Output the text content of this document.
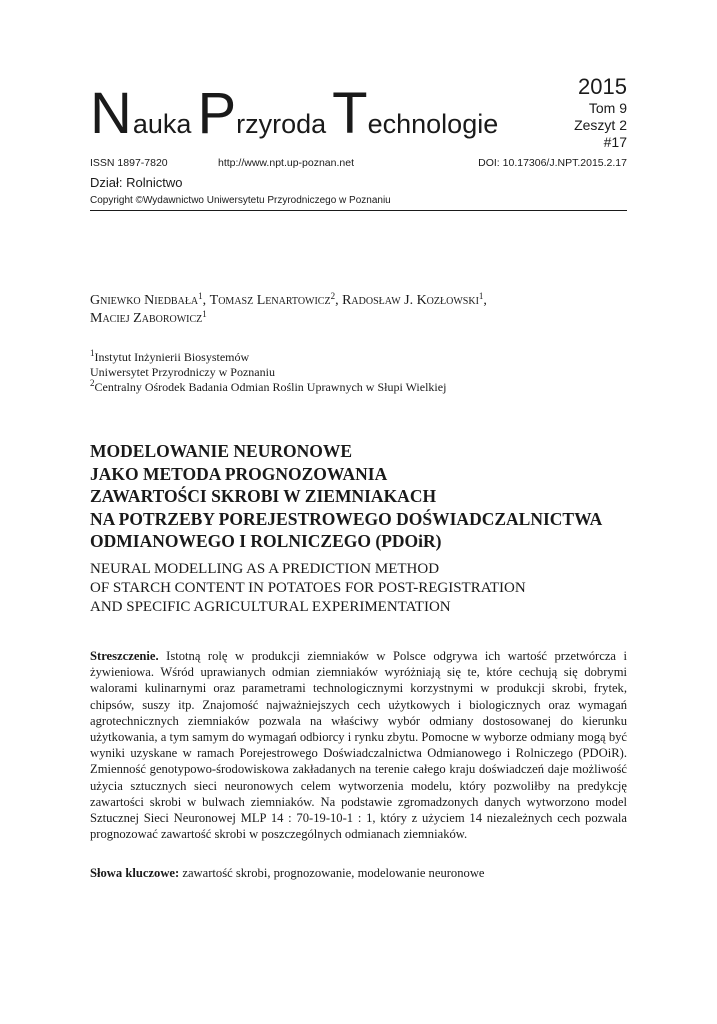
Nauka Przyroda Technologie
2015
Tom 9
Zeszyt 2
#17
ISSN 1897-7820	http://www.npt.up-poznan.net	DOI: 10.17306/J.NPT.2015.2.17
Dział: Rolnictwo
Copyright ©Wydawnictwo Uniwersytetu Przyrodniczego w Poznaniu
Gniewko Niedbała$^1$, Tomasz Lenartowicz$^2$, Radosław J. Kozłowski$^1$,
Maciej Zaborowicz$^1$
$^1$Instytut Inżynierii Biosystemów
Uniwersytet Przyrodniczy w Poznaniu
$^2$Centralny Ośrodek Badania Odmian Roślin Uprawnych w Słupi Wielkiej
MODELOWANIE NEURONOWE
JAKO METODA PROGNOZOWANIA
ZAWARTOŚCI SKROBI W ZIEMNIAKACH
NA POTRZEBY POREJESTROWEGO DOŚWIADCZALNICTWA
ODMIANOWEGO I ROLNICZEGO (PDOiR)
NEURAL MODELLING AS A PREDICTION METHOD
OF STARCH CONTENT IN POTATOES FOR POST-REGISTRATION
AND SPECIFIC AGRICULTURAL EXPERIMENTATION
Streszczenie. Istotną rolę w produkcji ziemniaków w Polsce odgrywa ich wartość przetwórcza i żywieniowa. Wśród uprawianych odmian ziemniaków wyróżniają się te, które cechują się dobrymi walorami kulinarnymi oraz parametrami technologicznymi korzystnymi w produkcji skrobi, frytek, chipsów, suszy itp. Znajomość najważniejszych cech użytkowych i biologicznych oraz wymagań agrotechnicznych ziemniaków pozwala na właściwy wybór odmiany dostosowanej do kierunku użytkowania, a tym samym do wymagań odbiorcy i rynku zbytu. Pomocne w wyborze odmiany mogą być wyniki uzyskane w ramach Porejestrowego Doświadczalnictwa Odmianowego i Rolniczego (PDOiR). Zmienność genotypowo-środowiskowa zakładanych na terenie całego kraju doświadczeń daje możliwość użycia sztucznych sieci neuronowych celem wytworzenia modelu, który pozwoliłby na predykcję zawartości skrobi w bulwach ziemniaków. Na podstawie zgromadzonych danych wytworzono model Sztucznej Sieci Neuronowej MLP 14 : 70-19-10-1 : 1, który z użyciem 14 niezależnych cech pozwala prognozować zawartość skrobi w poszczególnych odmianach ziemniaków.
Słowa kluczowe: zawartość skrobi, prognozowanie, modelowanie neuronowe
